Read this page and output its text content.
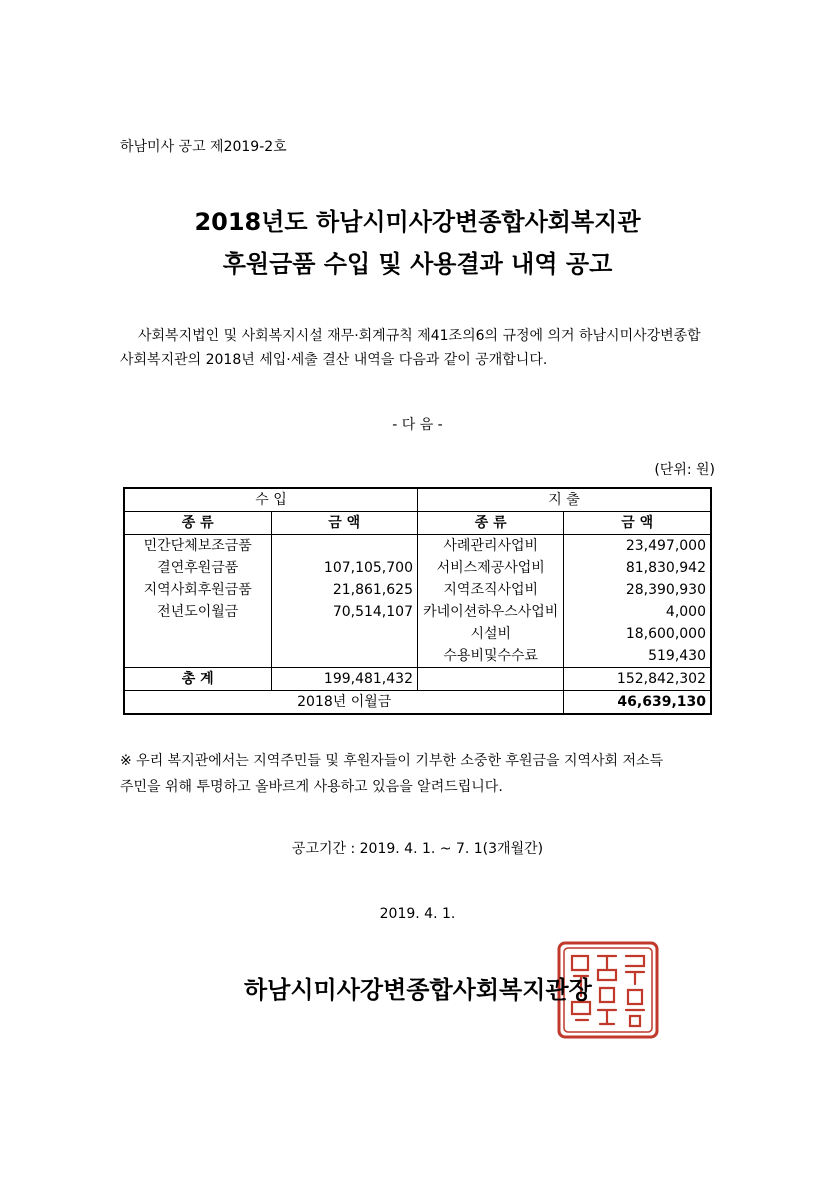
하남미사 공고 제2019-2호
2018년도 하남시미사강변종합사회복지관
후원금품 수입 및 사용결과 내역 공고
사회복지법인 및 사회복지시설 재무·회계규칙 제41조의6의 규정에 의거 하남시미사강변종합
사회복지관의 2018년 세입·세출 결산 내역을 다음과 같이 공개합니다.
- 다 음 -
(단위: 원)
수 입		지 출	
종 류	금 액	종 류	금 액
민간단체보조금품		사례관리사업비	23,497,000
결연후원금품	107,105,700	서비스제공사업비	81,830,942
지역사회후원금품	21,861,625	지역조직사업비	28,390,930
전년도이월금	70,514,107	카네이션하우스사업비	4,000
		시설비	18,600,000
		수용비및수수료	519,430
총 계	199,481,432		152,842,302
2018년 이월금			46,639,130
※ 우리 복지관에서는 지역주민들 및 후원자들이 기부한 소중한 후원금을 지역사회 저소득
주민을 위해 투명하고 올바르게 사용하고 있음을 알려드립니다.
공고기간 : 2019. 4. 1. ~ 7. 1(3개월간)
2019. 4. 1.
하남시미사강변종합사회복지관장
